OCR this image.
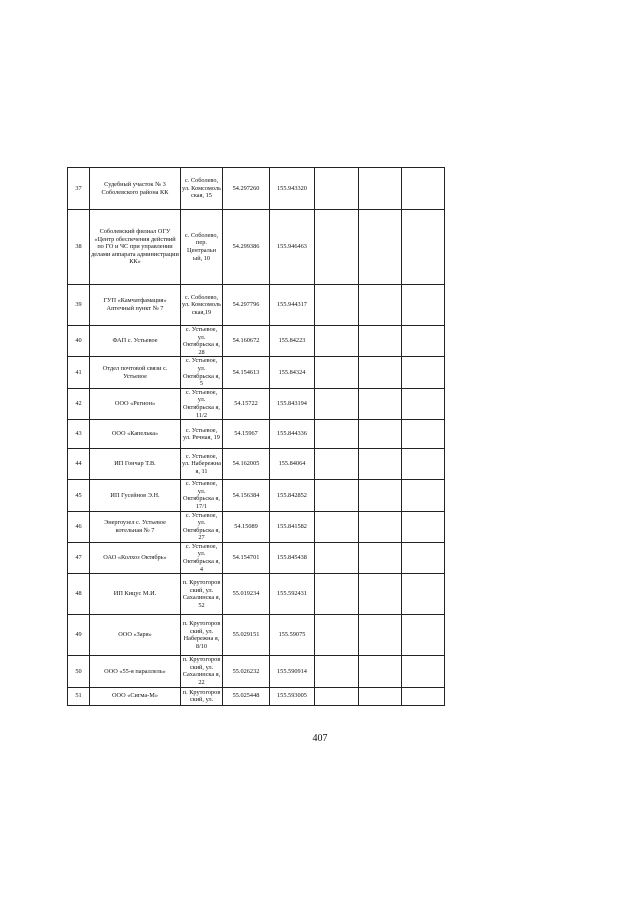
37	Судебный участок № 3 Соболевского района КК	с. Соболево, ул. Комсомоль ская, 15	54.297260	155.943320			
38	Соболевский филиал ОГУ «Центр обеспечения действий по ГО и ЧС при управлении делами аппарата администрации КК»	с. Соболево, пер. Центральн ый, 10	54.299386	155.946463			
39	ГУП «Камчатфамация» Аптечный пункт № 7	с. Соболево, ул. Комсомоль ская,19	54.297796	155.944317			
40	ФАП с. Устьевое	с. Устьевое, ул. Октябрьска я, 28	54.160672	155.84223			
41	Отдел почтовой связи с. Устьевое	с. Устьевое, ул. Октябрьска я, 5	54.154613	155.84324			
42	ООО «Регион»	с. Устьевое, ул. Октябрьска я, 11/2	54.15722	155.843194			
43	ООО «Капелька»	с. Устьевое, ул. Речная, 19	54.15967	155.844336			
44	ИП Гончар Т.В.	с. Устьевое, ул. Набережна я, 11	54.162005	155.84064			
45	ИП Гусейнов Э.Н.	с. Устьевое, ул. Октябрьска я, 17/1	54.156384	155.842852			
46	Энергоузел с. Устьевое котельная № 7	с. Устьевое, ул. Октябрьска я, 27	54.15089	155.841582			
47	ОАО «Колхоз Октябрь»	с. Устьевое, ул. Октябрьска я, 4	54.154701	155.845438			
48	ИП Кицус М.И.	п. Крутогоров ский, ул. Сахалинска я, 52	55.019234	155.592431			
49	ООО «Заря»	п. Крутогоров ский, ул. Набережна я, 8/10	55.029151	155.59075			
50	ООО «55-я параллель»	п. Крутогоров ский, ул. Сахалинска я, 22	55.026232	155.590914			
51	ООО «Сигма-М»	п. Крутогоров ский, ул.	55.025448	155.593005			
407
